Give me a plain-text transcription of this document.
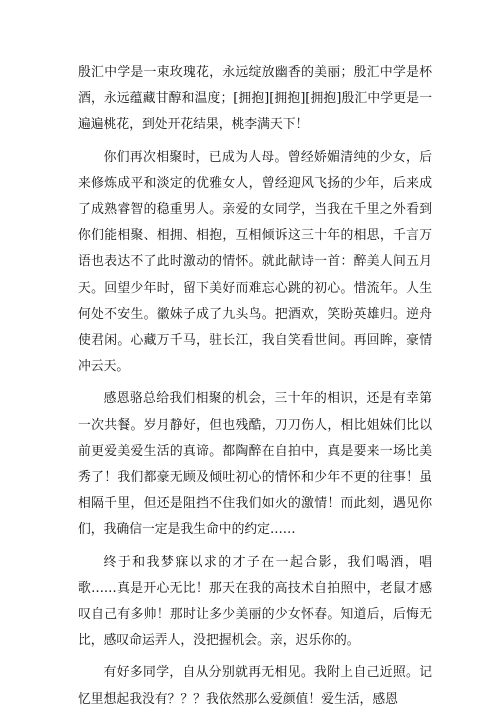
殷汇中学是一束玫瑰花，永远绽放幽香的美丽；殷汇中学是杯酒，永远蕴藏甘醇和温度；[拥抱][拥抱][拥抱]殷汇中学更是一遍遍桃花，到处开花结果，桃李满天下！

你们再次相聚时，已成为人母。曾经娇媚清纯的少女，后来修炼成平和淡定的优雅女人，曾经迎风飞扬的少年，后来成了成熟睿智的稳重男人。亲爱的女同学，当我在千里之外看到你们能相聚、相拥、相抱，互相倾诉这三十年的相思，千言万语也表达不了此时激动的情怀。就此献诗一首：醉美人间五月天。回望少年时，留下美好而难忘心跳的初心。惜流年。人生何处不安生。徽妹子成了九头鸟。把酒欢，笑盼英雄归。逆舟使君闲。心藏万千马，驻长江，我自笑看世间。再回眸，豪情冲云天。

感恩骆总给我们相聚的机会，三十年的相识，还是有幸第一次共餐。岁月静好，但也残酷，刀刀伤人，相比姐妹们比以前更爱美爱生活的真谛。都陶醉在自拍中，真是要来一场比美秀了！我们都豪无顾及倾吐初心的情怀和少年不更的往事！虽相隔千里，但还是阻挡不住我们如火的激情！而此刻，遇见你们，我确信一定是我生命中的约定……

终于和我梦寐以求的才子在一起合影，我们喝酒，唱歌……真是开心无比！那天在我的高技术自拍照中，老鼠才感叹自己有多帅！那时让多少美丽的少女怀春。知道后，后悔无比，感叹命运弄人，没把握机会。亲，迟乐你的。

有好多同学，自从分别就再无相见。我附上自己近照。记忆里想起我没有？？？我依然那么爱颜值！爱生活，感恩
